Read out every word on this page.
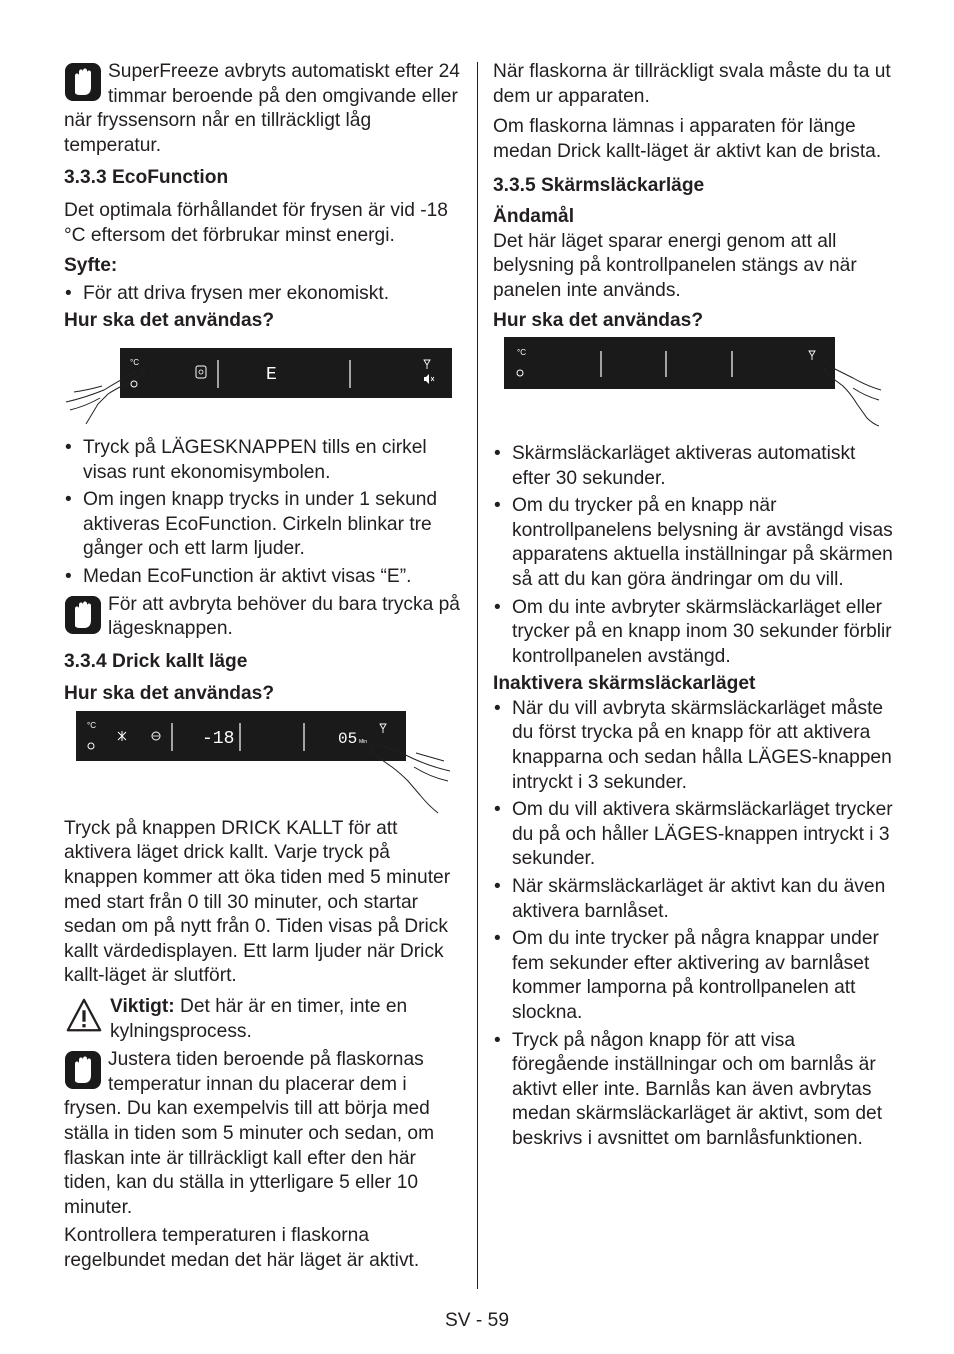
SuperFreeze avbryts automatiskt efter 24 timmar beroende på den omgivande eller när fryssensorn når en tillräckligt låg temperatur.
3.3.3 EcoFunction

Det optimala förhållandet för frysen är vid -18 °C eftersom det förbrukar minst energi.

Syfte:

• För att driva frysen mer ekonomiskt.

Hur ska det användas?

°C
E
• Tryck på LÄGESKNAPPEN tills en cirkel visas runt ekonomisymbolen.
• Om ingen knapp trycks in under 1 sekund aktiveras EcoFunction. Cirkeln blinkar tre gånger och ett larm ljuder.
• Medan EcoFunction är aktivt visas “E”.
För att avbryta behöver du bara trycka på lägesknappen.
3.3.4 Drick kallt läge

Hur ska det användas?

°C
-18	05 Min

Tryck på knappen DRICK KALLT för att aktivera läget drick kallt. Varje tryck på knappen kommer att öka tiden med 5 minuter med start från 0 till 30 minuter, och startar sedan om på nytt från 0. Tiden visas på Drick kallt värdedisplayen. Ett larm ljuder när Drick kallt-läget är slutfört.

Viktigt: Det här är en timer, inte en kylningsprocess.
Justera tiden beroende på flaskornas temperatur innan du placerar dem i frysen. Du kan exempelvis till att börja med ställa in tiden som 5 minuter och sedan, om flaskan inte är tillräckligt kall efter den här tiden, kan du ställa in ytterligare 5 eller 10 minuter.

Kontrollera temperaturen i flaskorna regelbundet medan det här läget är aktivt.

När flaskorna är tillräckligt svala måste du ta ut dem ur apparaten.

Om flaskorna lämnas i apparaten för länge medan Drick kallt-läget är aktivt kan de brista.

3.3.5 Skärmsläckarläge

Ändamål

Det här läget sparar energi genom att all belysning på kontrollpanelen stängs av när panelen inte används.

Hur ska det användas?

°C
• Skärmsläckarläget aktiveras automatiskt efter 30 sekunder.
• Om du trycker på en knapp när kontrollpanelens belysning är avstängd visas apparatens aktuella inställningar på skärmen så att du kan göra ändringar om du vill.
• Om du inte avbryter skärmsläckarläget eller trycker på en knapp inom 30 sekunder förblir kontrollpanelen avstängd.

Inaktivera skärmsläckarläget

• När du vill avbryta skärmsläckarläget måste du först trycka på en knapp för att aktivera knapparna och sedan hålla LÄGES-knappen intryckt i 3 sekunder.
• Om du vill aktivera skärmsläckarläget trycker du på och håller LÄGES-knappen intryckt i 3 sekunder.
• När skärmsläckarläget är aktivt kan du även aktivera barnlåset.
• Om du inte trycker på några knappar under fem sekunder efter aktivering av barnlåset kommer lamporna på kontrollpanelen att slockna.
• Tryck på någon knapp för att visa föregående inställningar och om barnlås är aktivt eller inte. Barnlås kan även avbrytas medan skärmsläckarläget är aktivt, som det beskrivs i avsnittet om barnlåsfunktionen.
SV - 59
